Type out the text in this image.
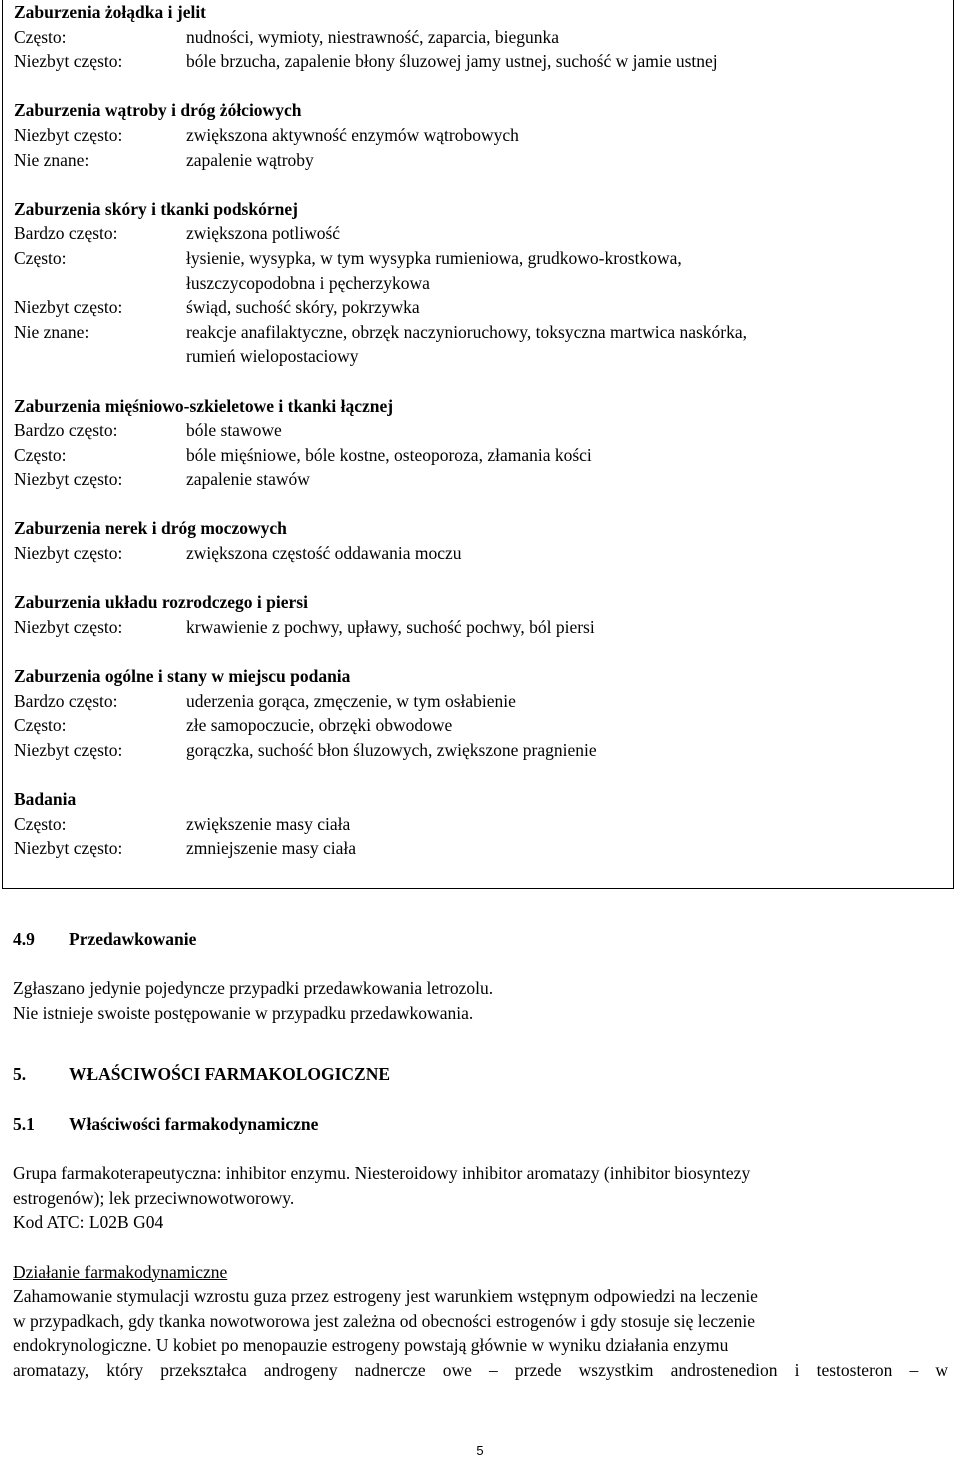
Zaburzenia żołądka i jelit
Często:	nudności, wymioty, niestrawność, zaparcia, biegunka
Niezbyt często:	bóle brzucha, zapalenie błony śluzowej jamy ustnej, suchość w jamie ustnej
Zaburzenia wątroby i dróg żółciowych
Niezbyt często:	zwiększona aktywność enzymów wątrobowych
Nie znane:	zapalenie wątroby
Zaburzenia skóry i tkanki podskórnej
Bardzo często:	zwiększona potliwość
Często:	łysienie, wysypka, w tym wysypka rumieniowa, grudkowo-krostkowa,
łuszczycopodobna i pęcherzykowa
Niezbyt często:	świąd, suchość skóry, pokrzywka
Nie znane:	reakcje anafilaktyczne, obrzęk naczynioruchowy, toksyczna martwica naskórka,
rumień wielopostaciowy
Zaburzenia mięśniowo-szkieletowe i tkanki łącznej
Bardzo często:	bóle stawowe
Często:	bóle mięśniowe, bóle kostne, osteoporoza, złamania kości
Niezbyt często:	zapalenie stawów
Zaburzenia nerek i dróg moczowych
Niezbyt często:	zwiększona częstość oddawania moczu
Zaburzenia układu rozrodczego i piersi
Niezbyt często:	krwawienie z pochwy, upławy, suchość pochwy, ból piersi
Zaburzenia ogólne i stany w miejscu podania
Bardzo często:	uderzenia gorąca, zmęczenie, w tym osłabienie
Często:	złe samopoczucie, obrzęki obwodowe
Niezbyt często:	gorączka, suchość błon śluzowych, zwiększone pragnienie
Badania
Często:	zwiększenie masy ciała
Niezbyt często:	zmniejszenie masy ciała
4.9	Przedawkowanie
Zgłaszano jedynie pojedyncze przypadki przedawkowania letrozolu.
Nie istnieje swoiste postępowanie w przypadku przedawkowania.
5.	WŁAŚCIWOŚCI FARMAKOLOGICZNE
5.1	Właściwości farmakodynamiczne
Grupa farmakoterapeutyczna: inhibitor enzymu. Niesteroidowy inhibitor aromatazy (inhibitor biosyntezy
estrogenów); lek przeciwnowotworowy.
Kod ATC: L02B G04
Działanie farmakodynamiczne
Zahamowanie stymulacji wzrostu guza przez estrogeny jest warunkiem wstępnym odpowiedzi na leczenie
w przypadkach, gdy tkanka nowotworowa jest zależna od obecności estrogenów i gdy stosuje się leczenie
endokrynologiczne. U kobiet po menopauzie estrogeny powstają głównie w wyniku działania enzymu
aromatazy, który przekształca androgeny nadnercze owe – przede wszystkim androstenedion i testosteron – w
5
